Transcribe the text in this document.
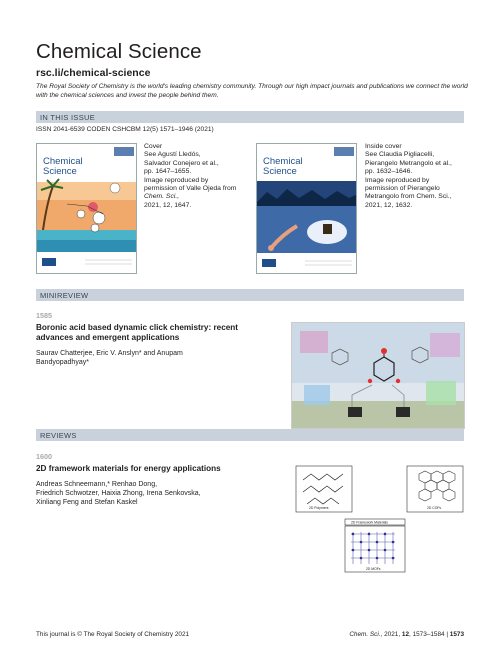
Chemical Science
rsc.li/chemical-science
The Royal Society of Chemistry is the world's leading chemistry community. Through our high impact journals and publications we connect the world with the chemical sciences and invest the people behind them.
IN THIS ISSUE
ISSN 2041-6539 CODEN CSHCBM 12(5) 1571–1946 (2021)
Chemical
Science
Cover
See Agustí Lledós,
Salvador Conejero et al.,
pp. 1647–1655.
Image reproduced by
permission of Valle Ojeda from
Chem. Sci.,
2021, 12, 1647.
Chemical
Science
Inside cover
See Claudia Pigliacelli,
Pierangelo Metrangolo et al.,
pp. 1632–1646.
Image reproduced by
permission of Pierangelo
Metrangolo from Chem. Sci.,
2021, 12, 1632.
MINIREVIEW
1585
Boronic acid based dynamic click chemistry: recent
advances and emergent applications
Saurav Chatterjee, Eric V. Anslyn* and Anupam Bandyopadhyay*
REVIEWS
1600
2D framework materials for energy applications
Andreas Schneemann,* Renhao Dong,
Friedrich Schwotzer, Haixia Zhong, Irena Senkovska,
Xinliang Feng and Stefan Kaskel
2D Polymers	2D COFs
2D Framework Materials
2D MOFs
This journal is © The Royal Society of Chemistry 2021	Chem. Sci., 2021, 12, 1573–1584 | 1573
